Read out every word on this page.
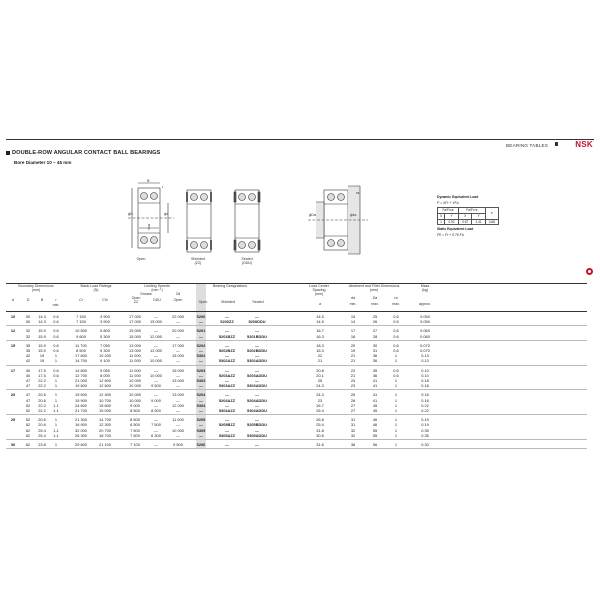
BEARING TABLES	NSK
DOUBLE-ROW ANGULAR CONTACT BALL BEARINGS
Bore Diameter 10 – 45 mm
B
r
ϕD	ϕd
a
Open	Shielded
(ZZ)
Sealed
(DDU)
ϕDa	ϕda
ra
Dynamic Equivalent Load
P = XFr + YFa
Fa/Fr≤e		Fa/Fr>e		e
X	Y	X	Y	
1	0.92	0.67	1.41	0.68
Static Equivalent Load
P0 = Fr + 0.76 Fa
Boundary Dimensions
(mm)
Basic Load Ratings
(N)
Limiting Speeds
(min⁻¹)
Grease	Oil
Open
ZZ
DDU	Open
Bearing Designations
Open	Shielded	Sealed
Load Center
Spacing
(mm)
a
Abutment and Fillet Dimensions
(mm)
da
min.
Da
max.
ra
max.
Mass
(kg)
approx.
d	D	B	r
min.
Cr	C0r
10	30	14.3	0.6	7 150	3 900	17 000	—	22 000	5200	—	—	14.5	15	25	0.6	0.050
30	14.3	0.6	7 150	3 900	17 000	15 000	—	—	5200ZZ	5200DDU	14.5	14	26	0.6	0.050
12	32	15.9	0.6	10 500	5 800	15 000	—	20 000	5201	—	—	16.7	17	27	0.6	0.060
32	15.9	0.6	9 600	5 300	15 000	12 000	—	—	5201BZZ	5201BDDU	16.3	16	28	0.6	0.060
15	35	15.9	0.6	11 700	7 050	13 000	—	17 000	5202	—	—	18.3	20	30	0.6	0.070
35	15.9	0.6	8 500	5 300	13 000	12 000	—	—	5202BZZ	5202BDDU	16.3	19	31	0.6	0.070
42	19	1	17 600	10 200	11 000	—	15 000	5302	—	—	22	21	36	1	0.13
42	19	1	14 700	9 100	11 000	10 000	—	—	5302AZZ	5302ADDU	21	21	36	1	0.13
17	40	17.5	0.6	14 600	9 050	11 000	—	15 000	5203	—	—	20.8	22	35	0.6	0.10
40	17.5	0.6	12 700	8 000	11 000	10 000	—	—	5203AZZ	5203ADDU	20.1	21	36	0.6	0.10
47	22.2	1	21 000	12 600	10 000	—	13 000	5303	—	—	25	23	41	1	0.18
47	22.2	1	19 600	12 600	10 000	9 500	—	—	5303AZZ	5303ADDU	24.3	23	41	1	0.18
20	47	20.6	1	19 600	12 400	10 000	—	13 000	5204	—	—	24.3	26	41	1	0.16
47	20.6	1	15 900	10 700	10 000	9 000	—	—	5204AZZ	5204ADDU	23	26	41	1	0.16
52	22.2	1.1	24 600	15 600	9 000	—	12 000	5304	—	—	26.7	27	45	1	0.22
52	22.2	1.1	21 700	15 000	8 500	8 500	—	—	5304AZZ	5304ADDU	25.4	27	45	1	0.22
25	52	20.6	1	21 300	14 700	8 500	—	11 000	5205	—	—	26.8	31	46	1	0.19
52	20.6	1	16 900	12 300	8 500	7 500	—	—	5205BZZ	5205BDDU	25.4	31	46	1	0.19
62	25.4	1.1	32 000	20 700	7 500	—	10 000	5305	—	—	31.8	32	55	1	0.35
62	25.4	1.1	26 300	18 700	7 500	6 300	—	—	5305AZZ	5305ADDU	30.5	32	55	1	0.35
30	62	23.8	1	29 600	21 100	7 100	—	9 500	5206	—	—	31.6	36	56	1	0.30
